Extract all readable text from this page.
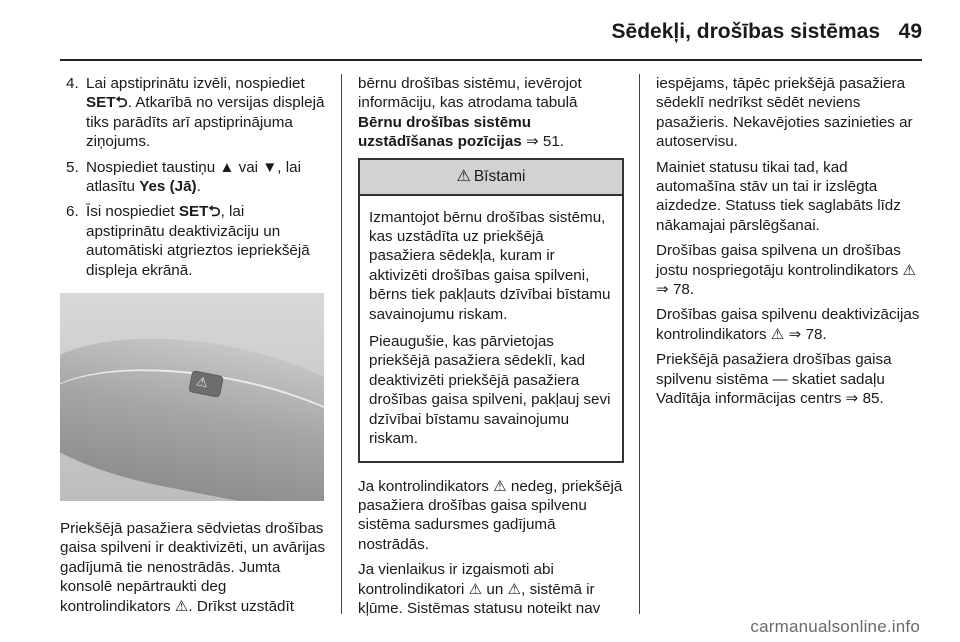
Sēdekļi, drošības sistēmas 49
4. Lai apstiprinātu izvēli, nospiediet SET⮌. Atkarībā no versijas displejā tiks parādīts arī apstiprinājuma ziņojums.
5. Nospiediet taustiņu ▲ vai ▼, lai atlasītu Yes (Jā).
6. Īsi nospiediet SET⮌, lai apstiprinātu deaktivizāciju un automātiski atgrieztos iepriekšējā displeja ekrānā.
⚠

Priekšējā pasažiera sēdvietas drošības gaisa spilveni ir deaktivizēti, un avārijas gadījumā tie nenostrādās. Jumta konsolē nepārtraukti deg kontrolindikators ⚠. Drīkst uzstādīt

bērnu drošības sistēmu, ievērojot informāciju, kas atrodama tabulā Bērnu drošības sistēmu uzstādīšanas pozīcijas ⇒ 51.

⚠ Bīstami

Izmantojot bērnu drošības sistēmu, kas uzstādīta uz priekšējā pasažiera sēdekļa, kuram ir aktivizēti drošības gaisa spilveni, bērns tiek pakļauts dzīvībai bīstamu savainojumu riskam.

Pieaugušie, kas pārvietojas priekšējā pasažiera sēdeklī, kad deaktivizēti priekšējā pasažiera drošības gaisa spilveni, pakļauj sevi dzīvībai bīstamu savainojumu riskam.

Ja kontrolindikators ⚠ nedeg, priekšējā pasažiera drošības gaisa spilvenu sistēma sadursmes gadījumā nostrādās.

Ja vienlaikus ir izgaismoti abi kontrolindikatori ⚠ un ⚠, sistēmā ir kļūme. Sistēmas statusu noteikt nav

iespējams, tāpēc priekšējā pasažiera sēdeklī nedrīkst sēdēt neviens pasažieris. Nekavējoties sazinieties ar autoservisu.

Mainiet statusu tikai tad, kad automašīna stāv un tai ir izslēgta aizdedze. Statuss tiek saglabāts līdz nākamajai pārslēgšanai.

Drošības gaisa spilvena un drošības jostu nospriegotāju kontrolindikators ⚠ ⇒ 78.

Drošības gaisa spilvenu deaktivizācijas kontrolindikators ⚠ ⇒ 78.

Priekšējā pasažiera drošības gaisa spilvenu sistēma — skatiet sadaļu Vadītāja informācijas centrs ⇒ 85.

carmanualsonline.info
